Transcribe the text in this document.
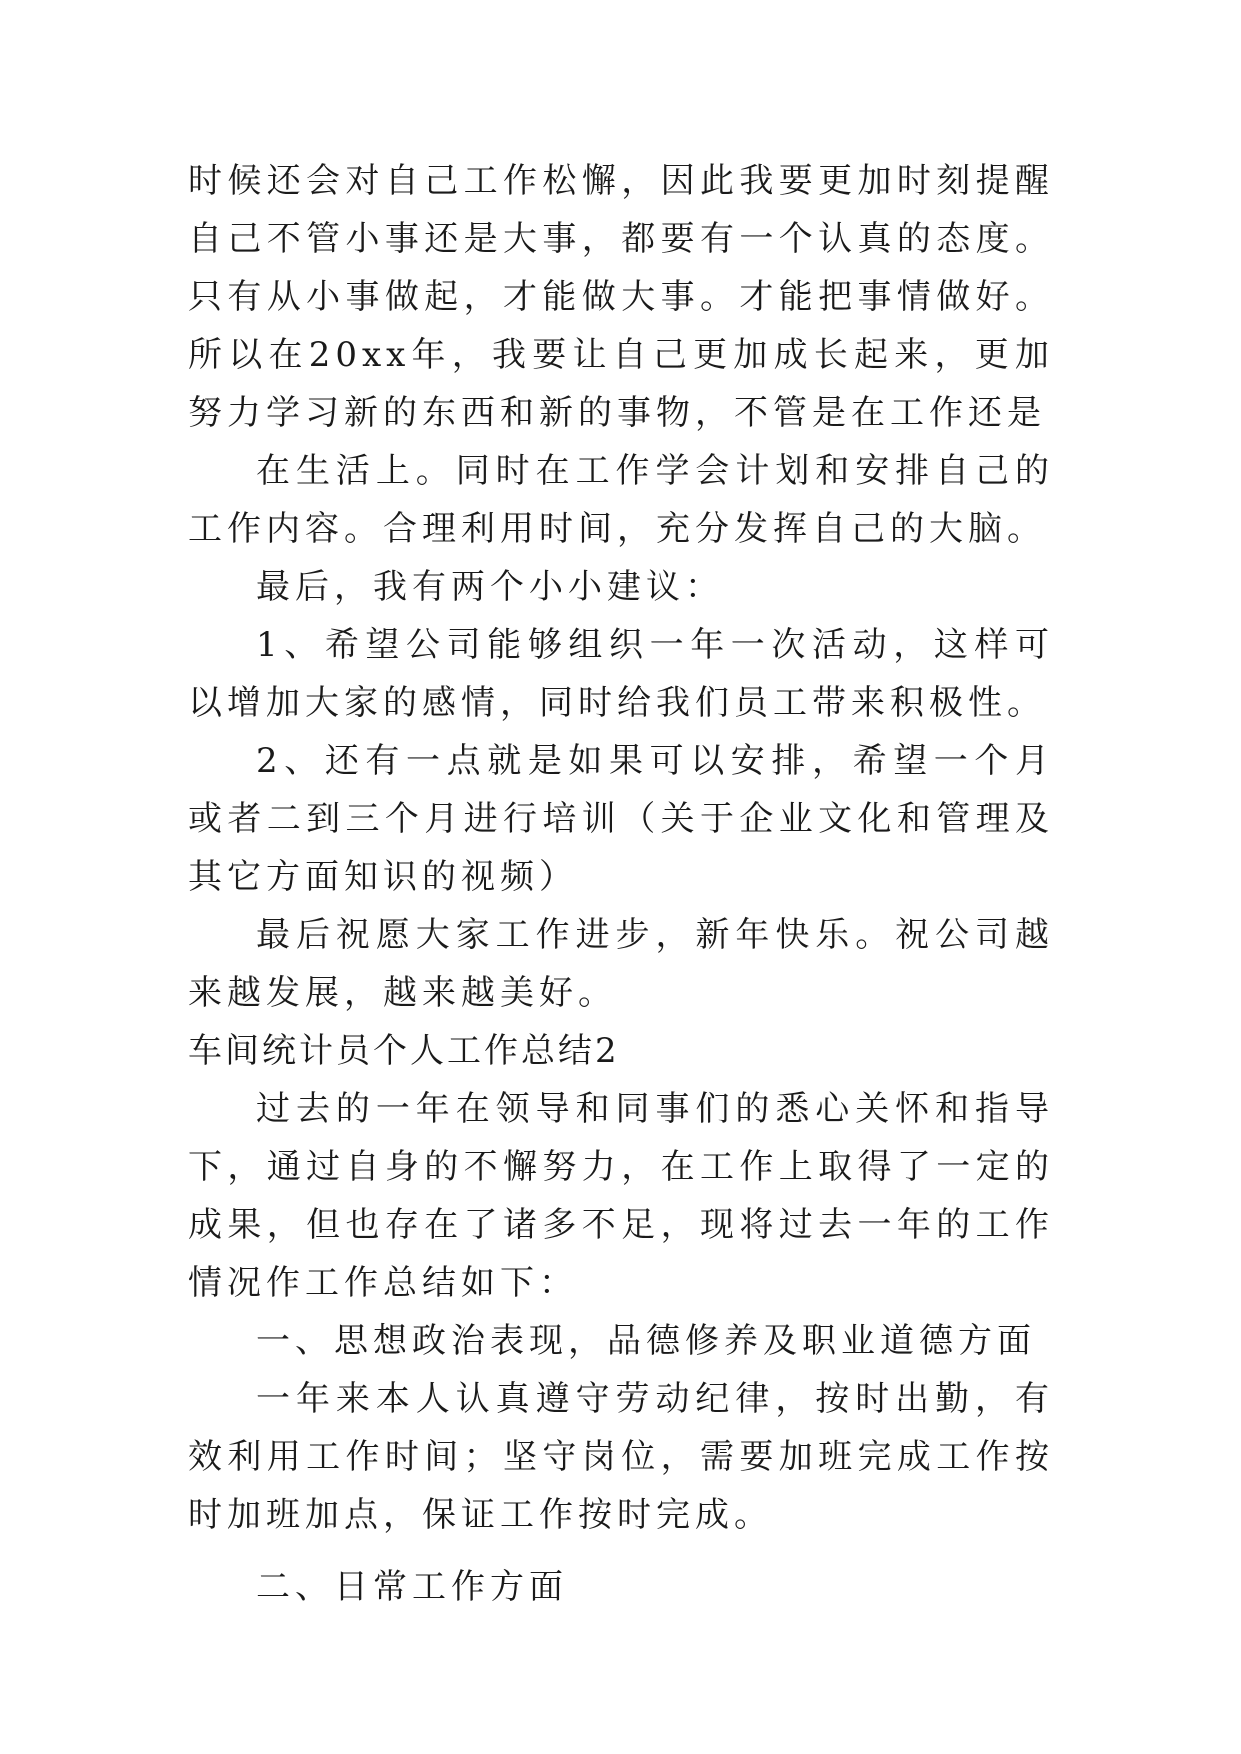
时候还会对自己工作松懈，因此我要更加时刻提醒自己不管小事还是大事，都要有一个认真的态度。只有从小事做起，才能做大事。才能把事情做好。所以在20xx年，我要让自己更加成长起来，更加努力学习新的东西和新的事物，不管是在工作还是

在生活上。同时在工作学会计划和安排自己的工作内容。合理利用时间，充分发挥自己的大脑。

最后，我有两个小小建议：

1、希望公司能够组织一年一次活动，这样可以增加大家的感情，同时给我们员工带来积极性。

2、还有一点就是如果可以安排，希望一个月或者二到三个月进行培训（关于企业文化和管理及其它方面知识的视频）

最后祝愿大家工作进步，新年快乐。祝公司越来越发展，越来越美好。

车间统计员个人工作总结2

过去的一年在领导和同事们的悉心关怀和指导下，通过自身的不懈努力，在工作上取得了一定的成果，但也存在了诸多不足，现将过去一年的工作情况作工作总结如下：

一、思想政治表现，品德修养及职业道德方面

一年来本人认真遵守劳动纪律，按时出勤，有效利用工作时间；坚守岗位，需要加班完成工作按时加班加点，保证工作按时完成。

二、日常工作方面
